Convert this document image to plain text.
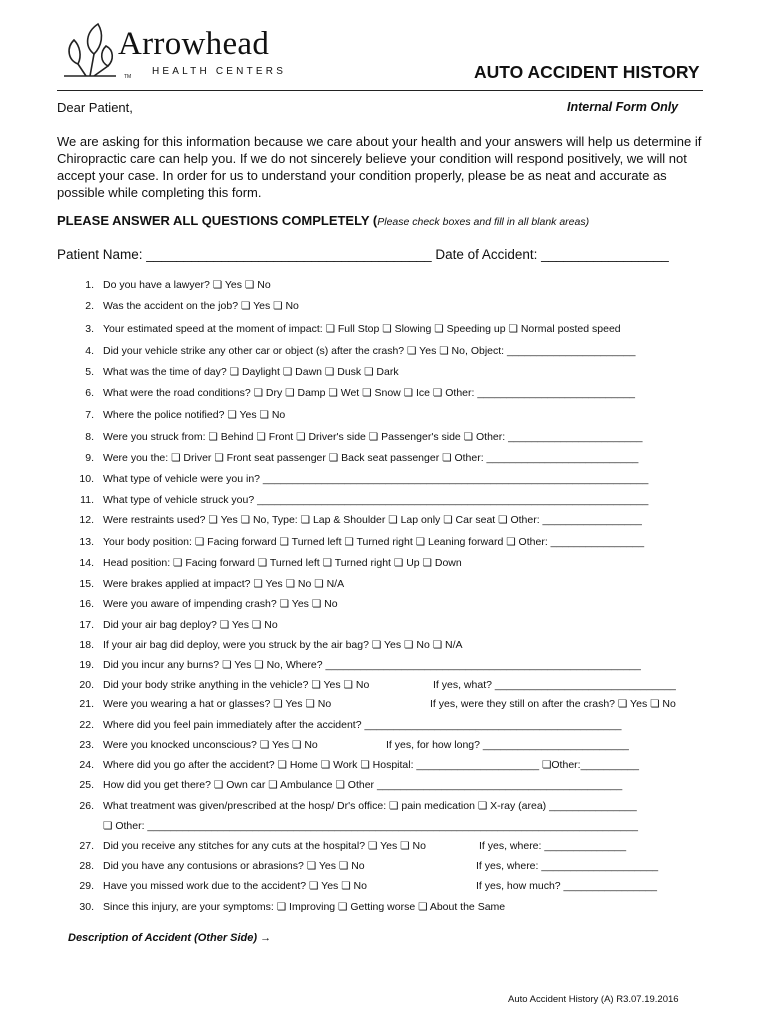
Arrowhead
TM HEALTH CENTERS	AUTO ACCIDENT HISTORY
Dear Patient,	Internal Form Only
We are asking for this information because we care about your health and your answers will help us determine if Chiropractic care can help you. If we do not sincerely believe your condition will respond positively, we will not accept your case. In order for us to understand your condition properly, please be as neat and accurate as possible while completing this form.
PLEASE ANSWER ALL QUESTIONS COMPLETELY (Please check boxes and fill in all blank areas)
Patient Name: ______________________________________ Date of Accident: _________________
1. Do you have a lawyer? ❏ Yes ❏ No
2. Was the accident on the job? ❏ Yes ❏ No
3. Your estimated speed at the moment of impact: ❏ Full Stop ❏ Slowing ❏ Speeding up ❏ Normal posted speed
4. Did your vehicle strike any other car or object (s) after the crash? ❏ Yes ❏ No, Object: ______________________
5. What was the time of day? ❏ Daylight ❏ Dawn ❏ Dusk ❏ Dark
6. What were the road conditions? ❏ Dry ❏ Damp ❏ Wet ❏ Snow ❏ Ice ❏ Other: ___________________________
7. Where the police notified? ❏ Yes ❏ No
8. Were you struck from: ❏ Behind ❏ Front ❏ Driver's side ❏ Passenger's side ❏ Other: _______________________
9. Were you the: ❏ Driver ❏ Front seat passenger ❏ Back seat passenger ❏ Other: __________________________
10. What type of vehicle were you in? __________________________________________________________________
11. What type of vehicle struck you? ___________________________________________________________________
12. Were restraints used? ❏ Yes ❏ No, Type: ❏ Lap & Shoulder ❏ Lap only ❏ Car seat ❏ Other: _________________
13. Your body position: ❏ Facing forward ❏ Turned left ❏ Turned right ❏ Leaning forward ❏ Other: ________________
14. Head position: ❏ Facing forward ❏ Turned left ❏ Turned right ❏ Up ❏ Down
15. Were brakes applied at impact? ❏ Yes ❏ No ❏ N/A
16. Were you aware of impending crash? ❏ Yes ❏ No
17. Did your air bag deploy? ❏ Yes ❏ No
18. If your air bag did deploy, were you struck by the air bag? ❏ Yes ❏ No ❏ N/A
19. Did you incur any burns? ❏ Yes ❏ No, Where? ______________________________________________________
20. Did your body strike anything in the vehicle? ❏ Yes ❏ No	If yes, what? _______________________________
21. Were you wearing a hat or glasses? ❏ Yes ❏ No	If yes, were they still on after the crash? ❏ Yes ❏ No
22. Where did you feel pain immediately after the accident? ____________________________________________
23. Were you knocked unconscious? ❏ Yes ❏ No	If yes, for how long? _________________________
24. Where did you go after the accident? ❏ Home ❏ Work ❏ Hospital: _____________________ ❏Other:__________
25. How did you get there? ❏ Own car ❏ Ambulance ❏ Other __________________________________________
26. What treatment was given/prescribed at the hosp/ Dr's office: ❏ pain medication ❏ X-ray (area) _______________
❏ Other: ____________________________________________________________________________________
27. Did you receive any stitches for any cuts at the hospital? ❏ Yes ❏ No	If yes, where: ______________
28. Did you have any contusions or abrasions? ❏ Yes ❏ No	If yes, where: ____________________
29. Have you missed work due to the accident? ❏ Yes ❏ No	If yes, how much? ________________
30. Since this injury, are your symptoms: ❏ Improving ❏ Getting worse ❏ About the Same
Description of Accident (Other Side) →
Auto Accident History (A) R3.07.19.2016
